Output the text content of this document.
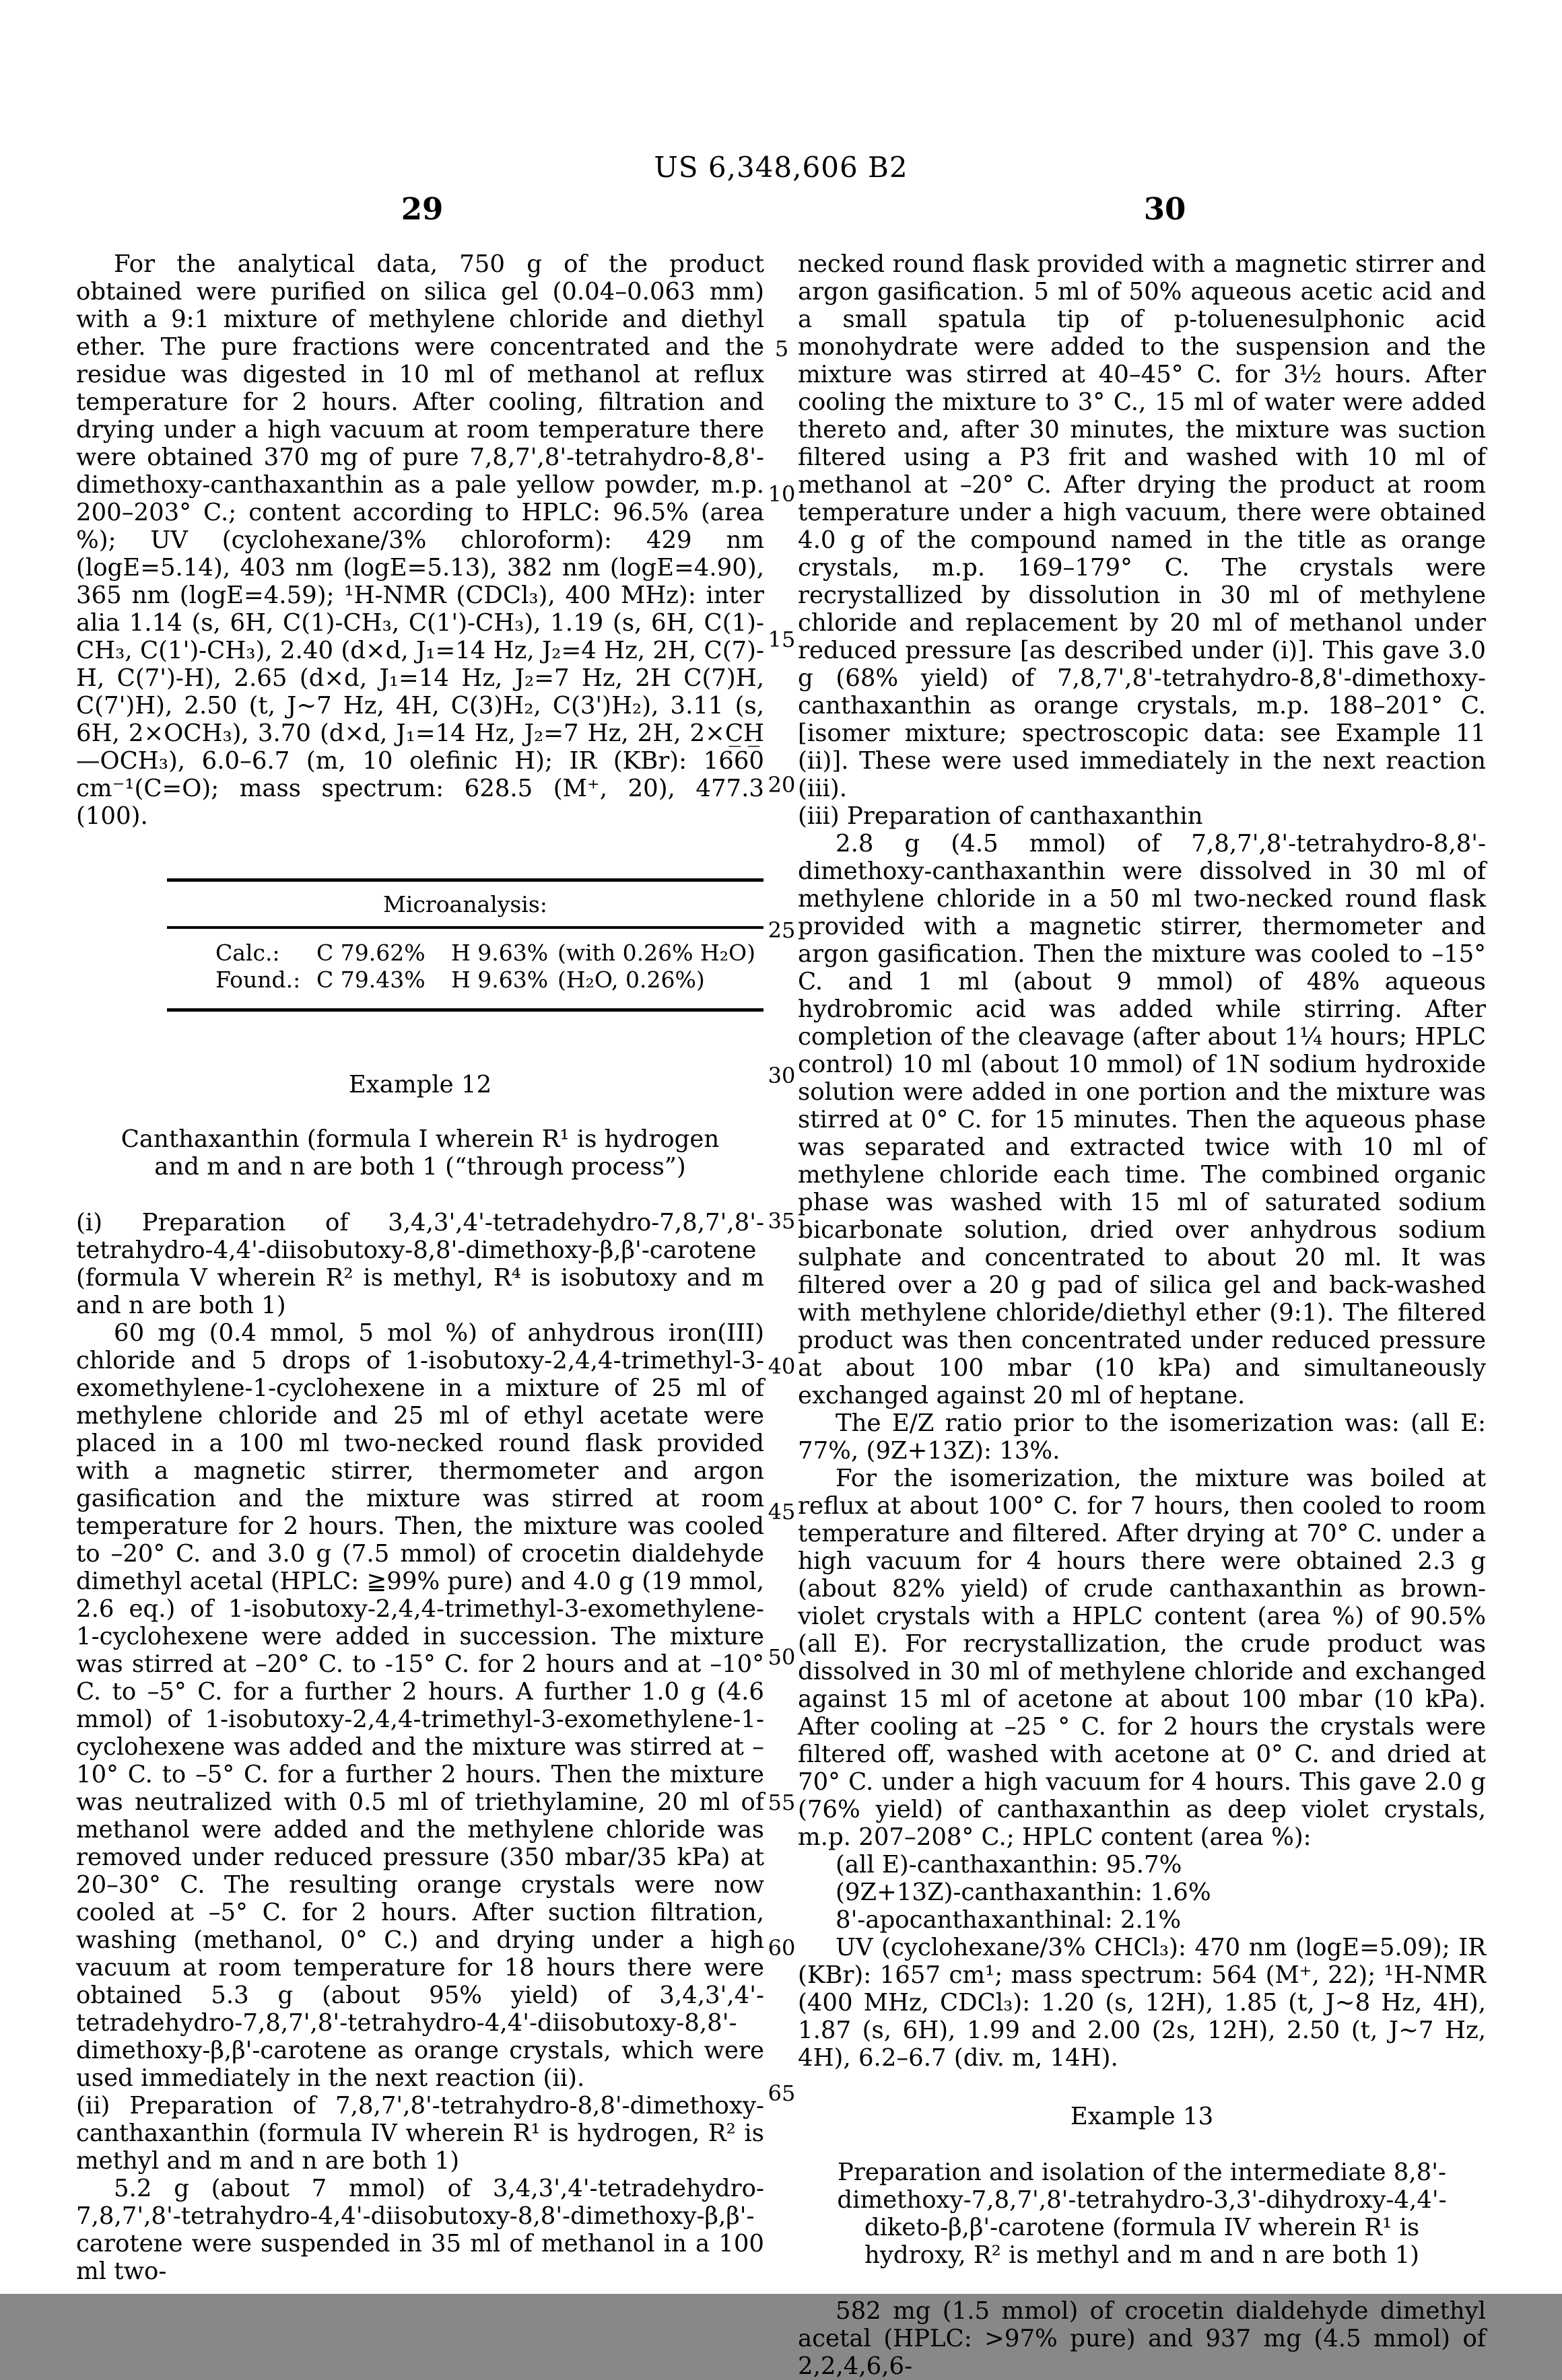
US 6,348,606 B2
29	30
5
10
15
20
25
30
35
40
45
50
55
60
65

For the analytical data, 750 g of the product obtained were purified on silica gel (0.04–0.063 mm) with a 9:1 mixture of methylene chloride and diethyl ether. The pure fractions were concentrated and the residue was digested in 10 ml of methanol at reflux temperature for 2 hours. After cooling, filtration and drying under a high vacuum at room temperature there were obtained 370 mg of pure 7,8,7',8'-tetrahydro-8,8'-dimethoxy-canthaxanthin as a pale yellow powder, m.p. 200–203° C.; content according to HPLC: 96.5% (area %); UV (cyclohexane/3% chloroform): 429 nm (logE=5.14), 403 nm (logE=5.13), 382 nm (logE=4.90), 365 nm (logE=4.59); ¹H-NMR (CDCl₃), 400 MHz): inter alia 1.14 (s, 6H, C(1)-CH₃, C(1')-CH₃), 1.19 (s, 6H, C(1)-CH₃, C(1')-CH₃), 2.40 (d×d, J₁=14 Hz, J₂=4 Hz, 2H, C(7)-H, C(7')-H), 2.65 (d×d, J₁=14 Hz, J₂=7 Hz, 2H C(7)H, C(7')H), 2.50 (t, J~7 Hz, 4H, C(3)H₂, C(3')H₂), 3.11 (s, 6H, 2×OCH₃), 3.70 (d×d, J₁=14 Hz, J₂=7 Hz, 2H, 2×C̲H̲—OCH₃), 6.0–6.7 (m, 10 olefinic H); IR (KBr): 1660 cm⁻¹(C=O); mass spectrum: 628.5 (M⁺, 20), 477.3 (100).

Microanalysis:
Calc.:	C 79.62%	H 9.63% (with 0.26% H₂O)
Found.: C 79.43%	H 9.63% (H₂O, 0.26%)

Example 12

Canthaxanthin (formula I wherein R¹ is hydrogen

and m and n are both 1 (“through process”)

(i) Preparation of 3,4,3',4'-tetradehydro-7,8,7',8'-tetrahydro-4,4'-diisobutoxy-8,8'-dimethoxy-β,β'-carotene (formula V wherein R² is methyl, R⁴ is isobutoxy and m and n are both 1)

60 mg (0.4 mmol, 5 mol %) of anhydrous iron(III) chloride and 5 drops of 1-isobutoxy-2,4,4-trimethyl-3-exomethylene-1-cyclohexene in a mixture of 25 ml of methylene chloride and 25 ml of ethyl acetate were placed in a 100 ml two-necked round flask provided with a magnetic stirrer, thermometer and argon gasification and the mixture was stirred at room temperature for 2 hours. Then, the mixture was cooled to –20° C. and 3.0 g (7.5 mmol) of crocetin dialdehyde dimethyl acetal (HPLC: ≧99% pure) and 4.0 g (19 mmol, 2.6 eq.) of 1-isobutoxy-2,4,4-trimethyl-3-exomethylene-1-cyclohexene were added in succession. The mixture was stirred at –20° C. to -15° C. for 2 hours and at –10° C. to –5° C. for a further 2 hours. A further 1.0 g (4.6 mmol) of 1-isobutoxy-2,4,4-trimethyl-3-exomethylene-1-cyclohexene was added and the mixture was stirred at –10° C. to –5° C. for a further 2 hours. Then the mixture was neutralized with 0.5 ml of triethylamine, 20 ml of methanol were added and the methylene chloride was removed under reduced pressure (350 mbar/35 kPa) at 20–30° C. The resulting orange crystals were now cooled at –5° C. for 2 hours. After suction filtration, washing (methanol, 0° C.) and drying under a high vacuum at room temperature for 18 hours there were obtained 5.3 g (about 95% yield) of 3,4,3',4'-tetradehydro-7,8,7',8'-tetrahydro-4,4'-diisobutoxy-8,8'-dimethoxy-β,β'-carotene as orange crystals, which were used immediately in the next reaction (ii).

(ii) Preparation of 7,8,7',8'-tetrahydro-8,8'-dimethoxy-canthaxanthin (formula IV wherein R¹ is hydrogen, R² is methyl and m and n are both 1)

5.2 g (about 7 mmol) of 3,4,3',4'-tetradehydro-7,8,7',8'-tetrahydro-4,4'-diisobutoxy-8,8'-dimethoxy-β,β'-carotene were suspended in 35 ml of methanol in a 100 ml two-

necked round flask provided with a magnetic stirrer and argon gasification. 5 ml of 50% aqueous acetic acid and a small spatula tip of p-toluenesulphonic acid monohydrate were added to the suspension and the mixture was stirred at 40–45° C. for 3½ hours. After cooling the mixture to 3° C., 15 ml of water were added thereto and, after 30 minutes, the mixture was suction filtered using a P3 frit and washed with 10 ml of methanol at –20° C. After drying the product at room temperature under a high vacuum, there were obtained 4.0 g of the compound named in the title as orange crystals, m.p. 169–179° C. The crystals were recrystallized by dissolution in 30 ml of methylene chloride and replacement by 20 ml of methanol under reduced pressure [as described under (i)]. This gave 3.0 g (68% yield) of 7,8,7',8'-tetrahydro-8,8'-dimethoxy-canthaxanthin as orange crystals, m.p. 188–201° C. [isomer mixture; spectroscopic data: see Example 11 (ii)]. These were used immediately in the next reaction (iii).

(iii) Preparation of canthaxanthin

2.8 g (4.5 mmol) of 7,8,7',8'-tetrahydro-8,8'-dimethoxy-canthaxanthin were dissolved in 30 ml of methylene chloride in a 50 ml two-necked round flask provided with a magnetic stirrer, thermometer and argon gasification. Then the mixture was cooled to –15° C. and 1 ml (about 9 mmol) of 48% aqueous hydrobromic acid was added while stirring. After completion of the cleavage (after about 1¼ hours; HPLC control) 10 ml (about 10 mmol) of 1N sodium hydroxide solution were added in one portion and the mixture was stirred at 0° C. for 15 minutes. Then the aqueous phase was separated and extracted twice with 10 ml of methylene chloride each time. The combined organic phase was washed with 15 ml of saturated sodium bicarbonate solution, dried over anhydrous sodium sulphate and concentrated to about 20 ml. It was filtered over a 20 g pad of silica gel and back-washed with methylene chloride/diethyl ether (9:1). The filtered product was then concentrated under reduced pressure at about 100 mbar (10 kPa) and simultaneously exchanged against 20 ml of heptane.

The E/Z ratio prior to the isomerization was: (all E: 77%, (9Z+13Z): 13%.

For the isomerization, the mixture was boiled at reflux at about 100° C. for 7 hours, then cooled to room temperature and filtered. After drying at 70° C. under a high vacuum for 4 hours there were obtained 2.3 g (about 82% yield) of crude canthaxanthin as brown-violet crystals with a HPLC content (area %) of 90.5% (all E). For recrystallization, the crude product was dissolved in 30 ml of methylene chloride and exchanged against 15 ml of acetone at about 100 mbar (10 kPa). After cooling at –25 ° C. for 2 hours the crystals were filtered off, washed with acetone at 0° C. and dried at 70° C. under a high vacuum for 4 hours. This gave 2.0 g (76% yield) of canthaxanthin as deep violet crystals, m.p. 207–208° C.; HPLC content (area %):

(all E)-canthaxanthin: 95.7%

(9Z+13Z)-canthaxanthin: 1.6%

8'-apocanthaxanthinal: 2.1%

UV (cyclohexane/3% CHCl₃): 470 nm (logE=5.09); IR (KBr): 1657 cm¹; mass spectrum: 564 (M⁺, 22); ¹H-NMR (400 MHz, CDCl₃): 1.20 (s, 12H), 1.85 (t, J~8 Hz, 4H), 1.87 (s, 6H), 1.99 and 2.00 (2s, 12H), 2.50 (t, J~7 Hz, 4H), 6.2–6.7 (div. m, 14H).

Example 13

Preparation and isolation of the intermediate 8,8'-

dimethoxy-7,8,7',8'-tetrahydro-3,3'-dihydroxy-4,4'-

diketo-β,β'-carotene (formula IV wherein R¹ is

hydroxy, R² is methyl and m and n are both 1)

582 mg (1.5 mmol) of crocetin dialdehyde dimethyl acetal (HPLC: >97% pure) and 937 mg (4.5 mmol) of 2,2,4,6,6-
